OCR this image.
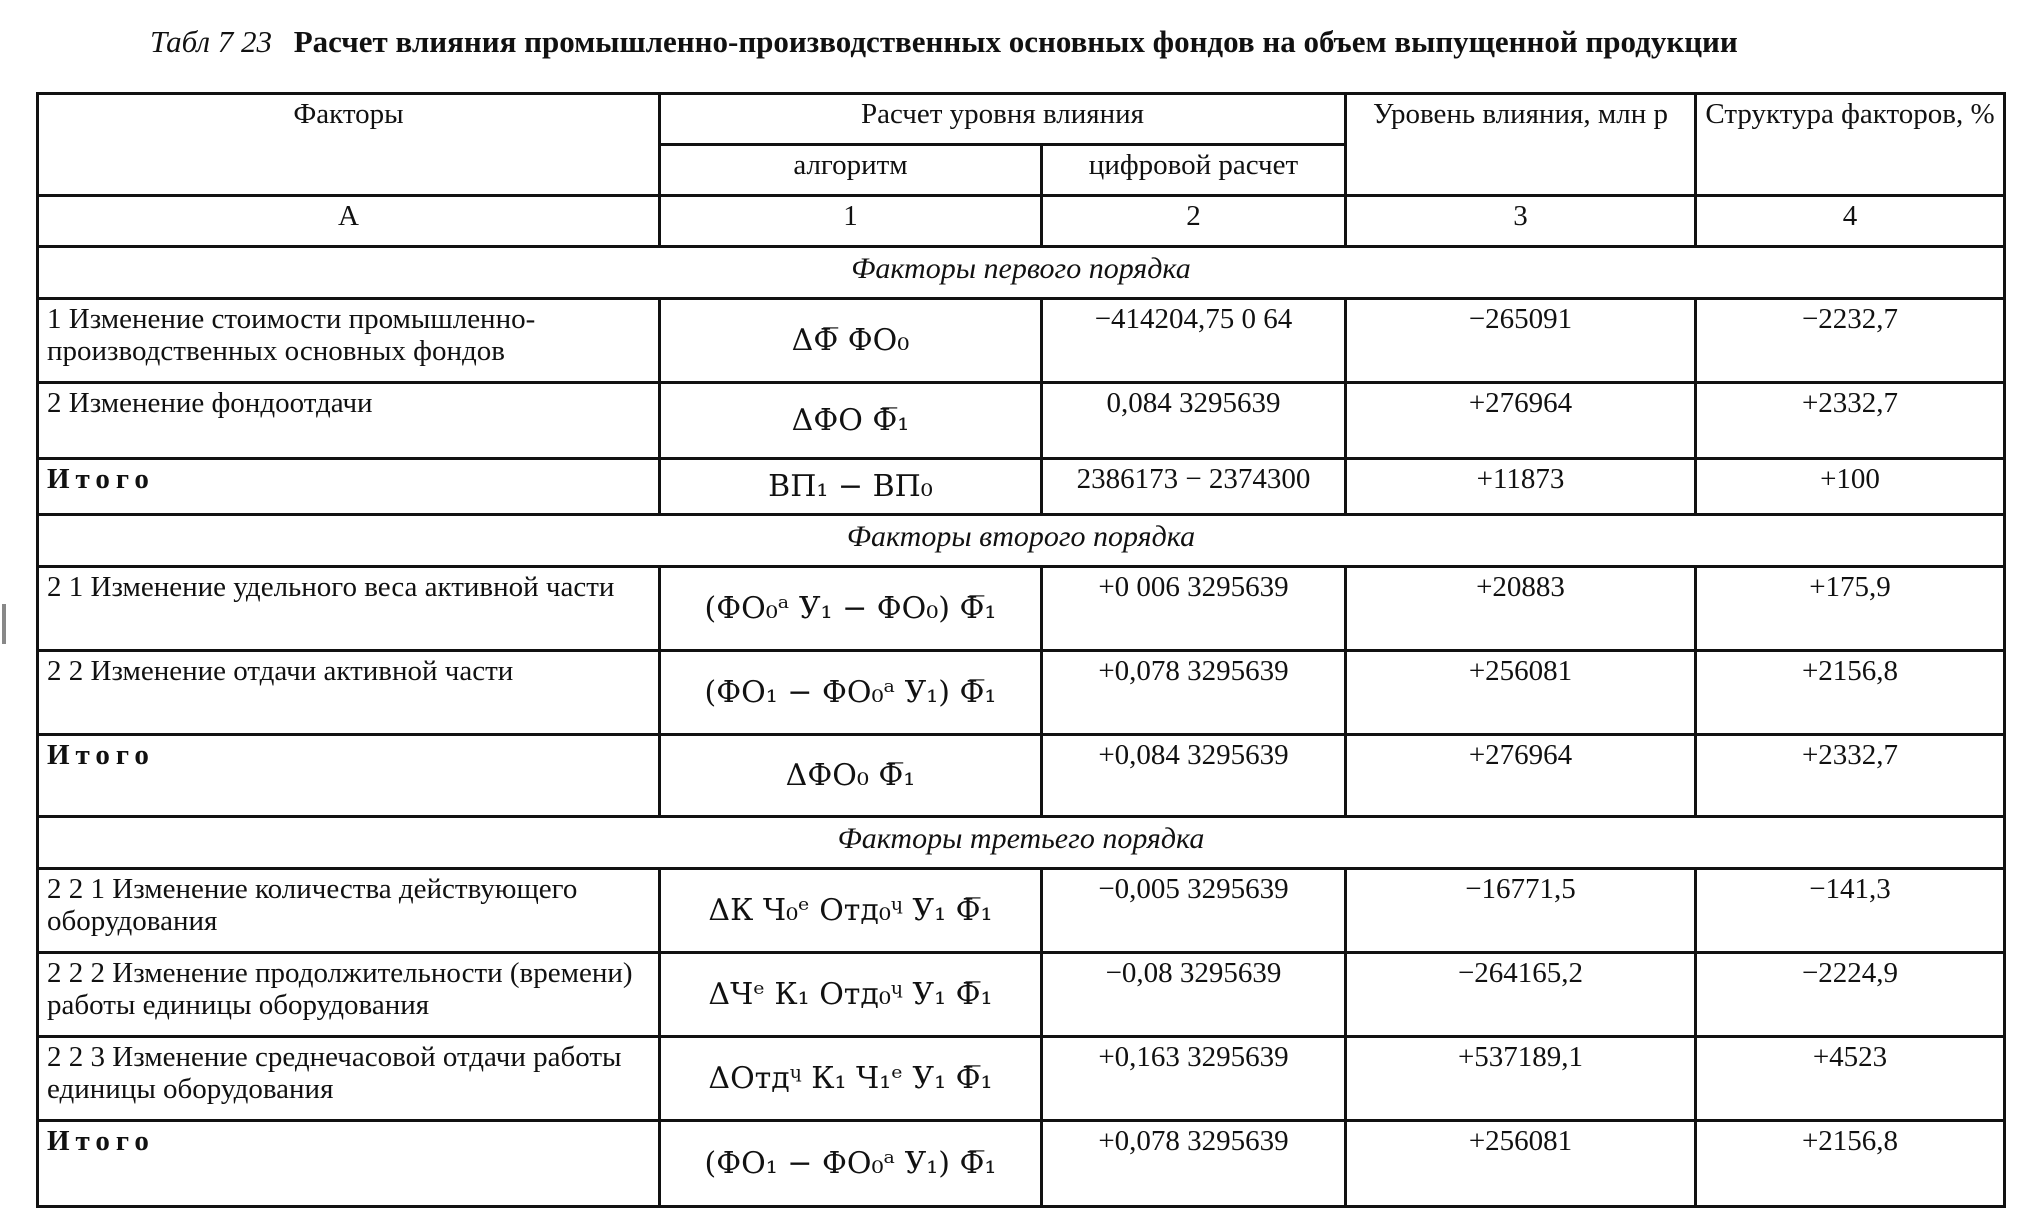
Табл 7 23 Расчет влияния промышленно-производственных основных фондов на объем выпущенной продукции
Факторы	Расчет уровня влияния		Уровень влияния, млн р	Структура факторов, %
	алгоритм	цифровой расчет		
А	1	2	3	4
Факторы первого порядка				
1 Изменение стоимости промышленно-производственных основных фондов	ΔФ̅ ФО₀	−414204,75 0 64	−265091	−2232,7
2 Изменение фондоотдачи	ΔФО Ф̅₁	0,084 3295639	+276964	+2332,7
Итого	ВП₁ − ВП₀	2386173 − 2374300	+11873	+100
Факторы второго порядка				
2 1 Изменение удельного веса активной части	(ФО₀ᵃ У₁ − ФО₀) Ф̅₁	+0 006 3295639	+20883	+175,9
2 2 Изменение отдачи активной части	(ФО₁ − ФО₀ᵃ У₁) Ф̅₁	+0,078 3295639	+256081	+2156,8
Итого	ΔФО₀ Ф̅₁	+0,084 3295639	+276964	+2332,7
Факторы третьего порядка				
2 2 1 Изменение количества действующего оборудования	ΔК Ч₀ᵉ Отд₀ᶣ У₁ Ф̅₁	−0,005 3295639	−16771,5	−141,3
2 2 2 Изменение продолжительности (времени) работы единицы оборудования	ΔЧᵉ К₁ Отд₀ᶣ У₁ Ф̅₁	−0,08 3295639	−264165,2	−2224,9
2 2 3 Изменение среднечасовой отдачи работы единицы оборудования	ΔОтдᶣ К₁ Ч₁ᵉ У₁ Ф̅₁	+0,163 3295639	+537189,1	+4523
Итого	(ФО₁ − ФО₀ᵃ У₁) Ф̅₁	+0,078 3295639	+256081	+2156,8
